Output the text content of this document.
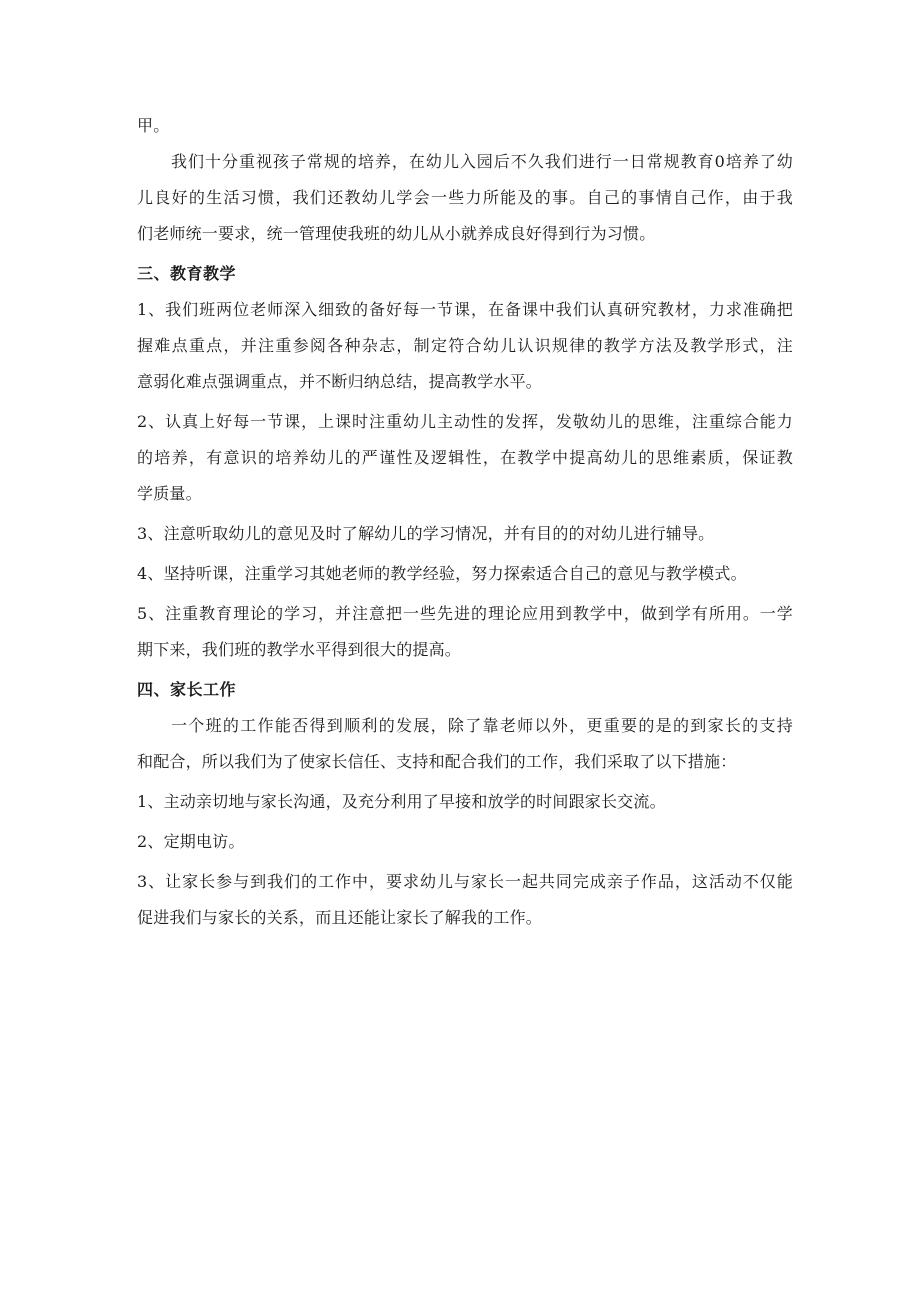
甲。
我们十分重视孩子常规的培养，在幼儿入园后不久我们进行一日常规教育0培养了幼
儿良好的生活习惯，我们还教幼儿学会一些力所能及的事。自己的事情自己作，由于我
们老师统一要求，统一管理使我班的幼儿从小就养成良好得到行为习惯。
三、教育教学
1、我们班两位老师深入细致的备好每一节课，在备课中我们认真研究教材，力求准确把
握难点重点，并注重参阅各种杂志，制定符合幼儿认识规律的教学方法及教学形式，注
意弱化难点强调重点，并不断归纳总结，提高教学水平。
2、认真上好每一节课，上课时注重幼儿主动性的发挥，发敬幼儿的思维，注重综合能力
的培养，有意识的培养幼儿的严谨性及逻辑性，在教学中提高幼儿的思维素质，保证教
学质量。
3、注意听取幼儿的意见及时了解幼儿的学习情况，并有目的的对幼儿进行辅导。
4、坚持听课，注重学习其她老师的教学经验，努力探索适合自己的意见与教学模式。
5、注重教育理论的学习，并注意把一些先进的理论应用到教学中，做到学有所用。一学
期下来，我们班的教学水平得到很大的提高。
四、家长工作
一个班的工作能否得到顺利的发展，除了靠老师以外，更重要的是的到家长的支持
和配合，所以我们为了使家长信任、支持和配合我们的工作，我们采取了以下措施：
1、主动亲切地与家长沟通，及充分利用了早接和放学的时间跟家长交流。
2、定期电访。
3、让家长参与到我们的工作中，要求幼儿与家长一起共同完成亲子作品，这活动不仅能
促进我们与家长的关系，而且还能让家长了解我的工作。
